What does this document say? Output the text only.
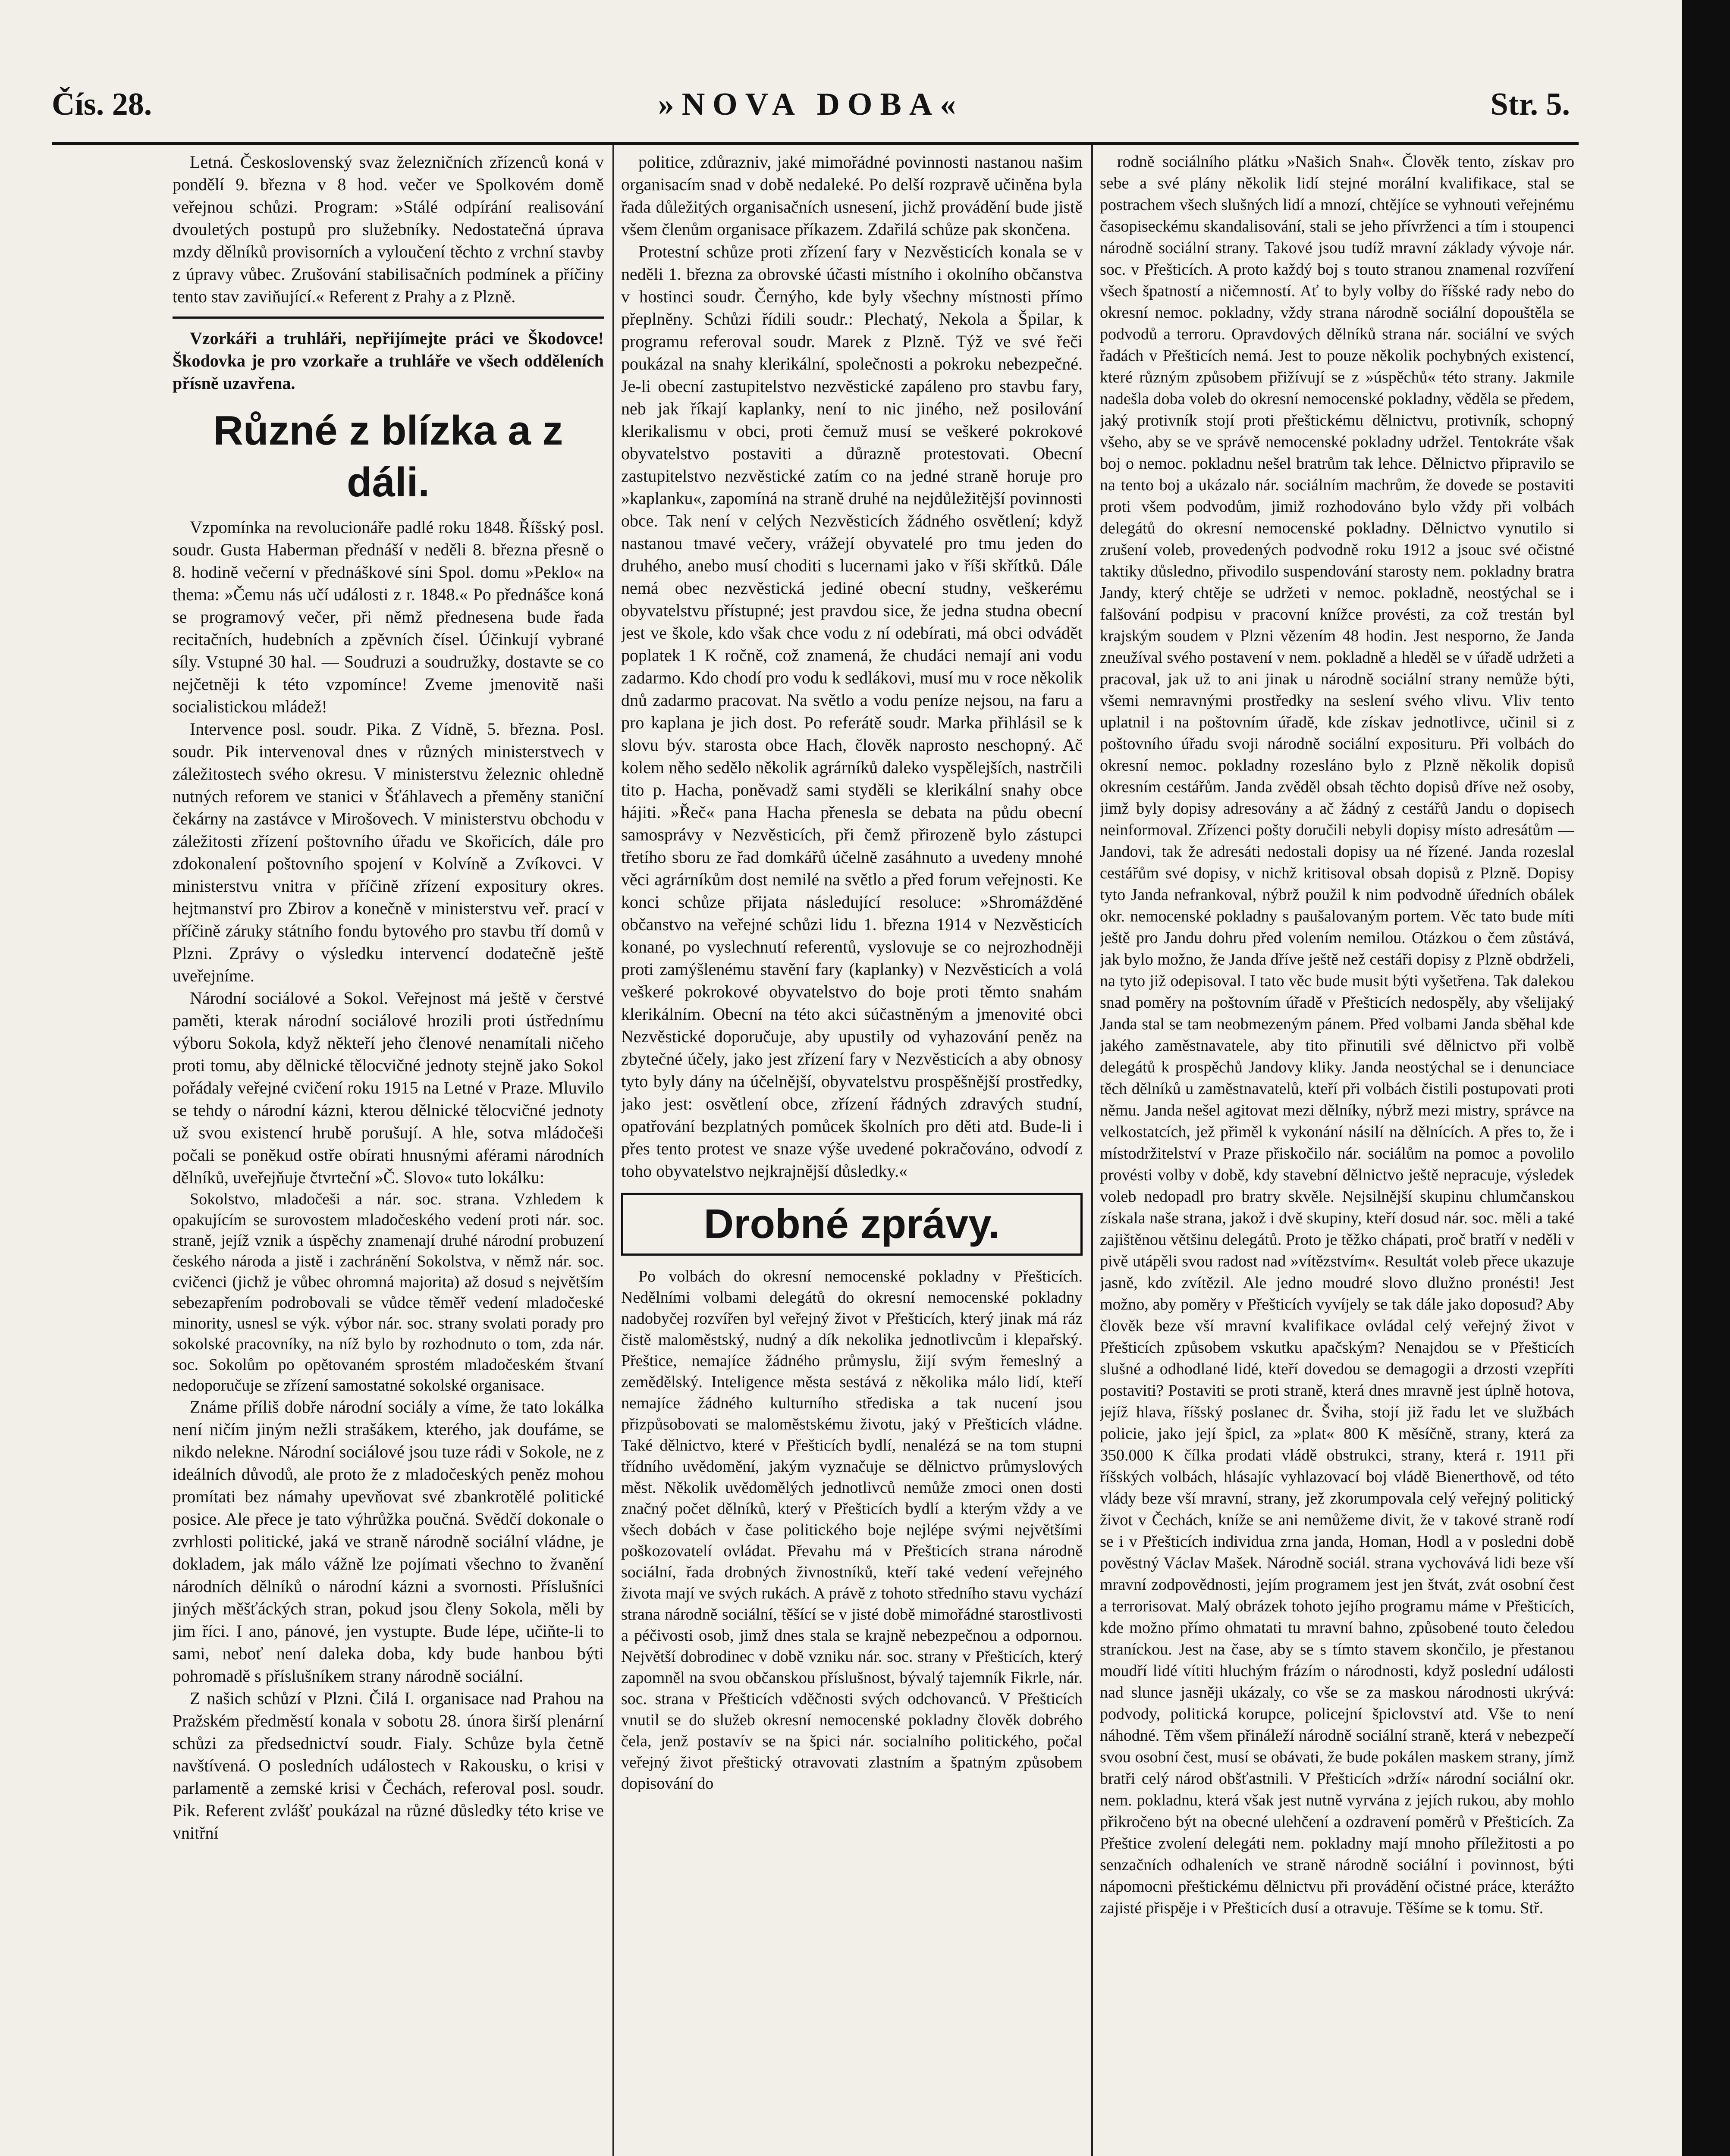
Čís. 28.	»NOVA DOBA«	Str. 5.

Letná. Československý svaz železničních zřízenců koná v pondělí 9. března v 8 hod. večer ve Spolkovém domě veřejnou schůzi. Program: »Stálé odpírání realisování dvouletých postupů pro služebníky. Nedostatečná úprava mzdy dělníků provisorních a vyloučení těchto z vrchní stavby z úpravy vůbec. Zrušování stabilisačních podmínek a příčiny tento stav zaviňující.« Referent z Prahy a z Plzně.

Vzorkáři a truhláři, nepřijímejte práci ve Škodovce! Škodovka je pro vzorkaře a truhláře ve všech odděleních přísně uzavřena.

Různé z blízka a z dáli.

Vzpomínka na revolucionáře padlé roku 1848. Říšský posl. soudr. Gusta Haberman přednáší v neděli 8. března přesně o 8. hodině večerní v přednáškové síni Spol. domu »Peklo« na thema: »Čemu nás učí události z r. 1848.« Po přednášce koná se programový večer, při němž přednesena bude řada recitačních, hudebních a zpěvních čísel. Účinkují vybrané síly. Vstupné 30 hal. — Soudruzi a soudružky, dostavte se co nejčetněji k této vzpomínce! Zveme jmenovitě naši socialistickou mládež!

Intervence posl. soudr. Pika. Z Vídně, 5. března. Posl. soudr. Pik intervenoval dnes v různých ministerstvech v záležitostech svého okresu. V ministerstvu železnic ohledně nutných reforem ve stanici v Šťáhlavech a přeměny staniční čekárny na zastávce v Mirošovech. V ministerstvu obchodu v záležitosti zřízení poštovního úřadu ve Skořicích, dále pro zdokonalení poštovního spojení v Kolvíně a Zvíkovci. V ministerstvu vnitra v příčině zřízení expositury okres. hejtmanství pro Zbirov a konečně v ministerstvu veř. prací v příčině záruky státního fondu bytového pro stavbu tří domů v Plzni. Zprávy o výsledku intervencí dodatečně ještě uveřejníme.

Národní sociálové a Sokol. Veřejnost má ještě v čerstvé paměti, kterak národní sociálové hrozili proti ústřednímu výboru Sokola, když někteří jeho členové nenamítali ničeho proti tomu, aby dělnické tělocvičné jednoty stejně jako Sokol pořádaly veřejné cvičení roku 1915 na Letné v Praze. Mluvilo se tehdy o národní kázni, kterou dělnické tělocvičné jednoty už svou existencí hrubě porušují. A hle, sotva mládočeši počali se poněkud ostře obírati hnusnými aférami národních dělníků, uveřejňuje čtvrteční »Č. Slovo« tuto lokálku:

Sokolstvo, mladočeši a nár. soc. strana. Vzhledem k opakujícím se surovostem mladočeského vedení proti nár. soc. straně, jejíž vznik a úspěchy znamenají druhé národní probuzení českého národa a jistě i zachránění Sokolstva, v němž nár. soc. cvičenci (jichž je vůbec ohromná majorita) až dosud s největším sebezapřením podrobovali se vůdce těměř vedení mladočeské minority, usnesl se výk. výbor nár. soc. strany svolati porady pro sokolské pracovníky, na níž bylo by rozhodnuto o tom, zda nár. soc. Sokolům po opětovaném sprostém mladočeském štvaní nedoporučuje se zřízení samostatné sokolské organisace.

Známe příliš dobře národní sociály a víme, že tato lokálka není ničím jiným nežli strašákem, kterého, jak doufáme, se nikdo nelekne. Národní sociálové jsou tuze rádi v Sokole, ne z ideálních důvodů, ale proto že z mladočeských peněz mohou promítati bez námahy upevňovat své zbankrotělé politické posice. Ale přece je tato výhrůžka poučná. Svědčí dokonale o zvrhlosti politické, jaká ve straně národně sociální vládne, je dokladem, jak málo vážně lze pojímati všechno to žvanění národních dělníků o národní kázni a svornosti. Příslušníci jiných měšťáckých stran, pokud jsou členy Sokola, měli by jim říci. I ano, pánové, jen vystupte. Bude lépe, učiňte-li to sami, neboť není daleka doba, kdy bude hanbou býti pohromadě s příslušníkem strany národně sociální.

Z našich schůzí v Plzni. Čilá I. organisace nad Prahou na Pražském předměstí konala v sobotu 28. února širší plenární schůzi za předsednictví soudr. Fialy. Schůze byla četně navštívená. O posledních událostech v Rakousku, o krisi v parlamentě a zemské krisi v Čechách, referoval posl. soudr. Pik. Referent zvlášť poukázal na různé důsledky této krise ve vnitřní

politice, zdůrazniv, jaké mimořádné povinnosti nastanou našim organisacím snad v době nedaleké. Po delší rozpravě učiněna byla řada důležitých organisačních usnesení, jichž provádění bude jistě všem členům organisace příkazem. Zdařilá schůze pak skončena.

Protestní schůze proti zřízení fary v Nezvěsticích konala se v neděli 1. března za obrovské účasti místního i okolního občanstva v hostinci soudr. Černýho, kde byly všechny místnosti přímo přeplněny. Schůzi řídili soudr.: Plechatý, Nekola a Špilar, k programu referoval soudr. Marek z Plzně. Týž ve své řeči poukázal na snahy klerikální, společnosti a pokroku nebezpečné. Je-li obecní zastupitelstvo nezvěstické zapáleno pro stavbu fary, neb jak říkají kaplanky, není to nic jiného, než posilování klerikalismu v obci, proti čemuž musí se veškeré pokrokové obyvatelstvo postaviti a důrazně protestovati. Obecní zastupitelstvo nezvěstické zatím co na jedné straně horuje pro »kaplanku«, zapomíná na straně druhé na nejdůležitější povinnosti obce. Tak není v celých Nezvěsticích žádného osvětlení; když nastanou tmavé večery, vrážejí obyvatelé pro tmu jeden do druhého, anebo musí choditi s lucernami jako v říši skřítků. Dále nemá obec nezvěstická jediné obecní studny, veškerému obyvatelstvu přístupné; jest pravdou sice, že jedna studna obecní jest ve škole, kdo však chce vodu z ní odebírati, má obci odvádět poplatek 1 K ročně, což znamená, že chudáci nemají ani vodu zadarmo. Kdo chodí pro vodu k sedlákovi, musí mu v roce několik dnů zadarmo pracovat. Na světlo a vodu peníze nejsou, na faru a pro kaplana je jich dost. Po referátě soudr. Marka přihlásil se k slovu býv. starosta obce Hach, člověk naprosto neschopný. Ač kolem něho sedělo několik agrárníků daleko vyspělejších, nastrčili tito p. Hacha, poněvadž sami styděli se klerikální snahy obce hájiti. »Řeč« pana Hacha přenesla se debata na půdu obecní samosprávy v Nezvěsticích, při čemž přirozeně bylo zástupci třetího sboru ze řad domkářů účelně zasáhnuto a uvedeny mnohé věci agrárníkům dost nemilé na světlo a před forum veřejnosti. Ke konci schůze přijata následující resoluce: »Shromážděné občanstvo na veřejné schůzi lidu 1. března 1914 v Nezvěsticích konané, po vyslechnutí referentů, vyslovuje se co nejrozhodněji proti zamýšlenému stavění fary (kaplanky) v Nezvěsticích a volá veškeré pokrokové obyvatelstvo do boje proti těmto snahám klerikálním. Obecní na této akci súčastněným a jmenovité obci Nezvěstické doporučuje, aby upustily od vyhazování peněz na zbytečné účely, jako jest zřízení fary v Nezvěsticích a aby obnosy tyto byly dány na účelnější, obyvatelstvu prospěšnější prostředky, jako jest: osvětlení obce, zřízení řádných zdravých studní, opatřování bezplatných pomůcek školních pro děti atd. Bude-li i přes tento protest ve snaze výše uvedené pokračováno, odvodí z toho obyvatelstvo nejkrajnější důsledky.«

Drobné zprávy.

Po volbách do okresní nemocenské pokladny v Přešticích. Nedělními volbami delegátů do okresní nemocenské pokladny nadobyčej rozvířen byl veřejný život v Přešticích, který jinak má ráz čistě maloměstský, nudný a dík nekolika jednotlivcům i klepařský. Přeštice, nemajíce žádného průmyslu, žijí svým řemeslný a zemědělský. Inteligence města sestává z několika málo lidí, kteří nemajíce žádného kulturního střediska a tak nucení jsou přizpůsobovati se maloměstskému životu, jaký v Přešticích vládne. Také dělnictvo, které v Přešticích bydlí, nenalézá se na tom stupni třídního uvědomění, jakým vyznačuje se dělnictvo průmyslových měst. Několik uvědomělých jednotlivců nemůže zmoci onen dosti značný počet dělníků, který v Přešticích bydlí a kterým vždy a ve všech dobách v čase politického boje nejlépe svými největšími poškozovatelí ovládat. Převahu má v Přešticích strana národně sociální, řada drobných živnostníků, kteří také vedení veřejného života mají ve svých rukách. A právě z tohoto středního stavu vychází strana národně sociální, těšící se v jisté době mimořádné starostlivosti a péčivosti osob, jimž dnes stala se krajně nebezpečnou a odpornou. Největší dobrodinec v době vzniku nár. soc. strany v Přešticích, který zapomněl na svou občanskou příslušnost, bývalý tajemník Fikrle, nár. soc. strana v Přešticích vděčnosti svých odchovanců. V Přešticích vnutil se do služeb okresní nemocenské pokladny člověk dobrého čela, jenž postavív se na špici nár. socialního politického, počal veřejný život přeštický otravovati zlastním a špatným způsobem dopisování do

rodně sociálního plátku »Našich Snah«. Člověk tento, získav pro sebe a své plány několik lidí stejné morální kvalifikace, stal se postrachem všech slušných lidí a mnozí, chtějíce se vyhnouti veřejnému časopiseckému skandalisování, stali se jeho přívrženci a tím i stoupenci národně sociální strany. Takové jsou tudíž mravní základy vývoje nár. soc. v Přešticích. A proto každý boj s touto stranou znamenal rozvíření všech špatností a ničemností. Ať to byly volby do říšské rady nebo do okresní nemoc. pokladny, vždy strana národně sociální dopouštěla se podvodů a terroru. Opravdových dělníků strana nár. sociální ve svých řadách v Přešticích nemá. Jest to pouze několik pochybných existencí, které různým způsobem přižívují se z »úspěchů« této strany. Jakmile nadešla doba voleb do okresní nemocenské pokladny, věděla se předem, jaký protivník stojí proti přeštickému dělnictvu, protivník, schopný všeho, aby se ve správě nemocenské pokladny udržel. Tentokráte však boj o nemoc. pokladnu nešel bratrům tak lehce. Dělnictvo připravilo se na tento boj a ukázalo nár. sociálním machrům, že dovede se postaviti proti všem podvodům, jimiž rozhodováno bylo vždy při volbách delegátů do okresní nemocenské pokladny. Dělnictvo vynutilo si zrušení voleb, provedených podvodně roku 1912 a jsouc své očistné taktiky důsledno, přivodilo suspendování starosty nem. pokladny bratra Jandy, který chtěje se udržeti v nemoc. pokladně, neostýchal se i falšování podpisu v pracovní knížce provésti, za což trestán byl krajským soudem v Plzni vězením 48 hodin. Jest nesporno, že Janda zneužíval svého postavení v nem. pokladně a hleděl se v úřadě udržeti a pracoval, jak už to ani jinak u národně sociální strany nemůže býti, všemi nemravnými prostředky na seslení svého vlivu. Vliv tento uplatnil i na poštovním úřadě, kde získav jednotlivce, učinil si z poštovního úřadu svoji národně sociální exposituru. Při volbách do okresní nemoc. pokladny rozesláno bylo z Plzně několik dopisů okresním cestářům. Janda zvěděl obsah těchto dopisů dříve než osoby, jimž byly dopisy adresovány a ač žádný z cestářů Jandu o dopisech neinformoval. Zřízenci pošty doručili nebyli dopisy místo adresátům — Jandovi, tak že adresáti nedostali dopisy ua né řízené. Janda rozeslal cestářům své dopisy, v nichž kritisoval obsah dopisů z Plzně. Dopisy tyto Janda nefrankoval, nýbrž použil k nim podvodně úředních obálek okr. nemocenské pokladny s paušalovaným portem. Věc tato bude míti ještě pro Jandu dohru před volením nemilou. Otázkou o čem zůstává, jak bylo možno, že Janda dříve ještě než cestáři dopisy z Plzně obdrželi, na tyto již odepisoval. I tato věc bude musit býti vyšetřena. Tak dalekou snad poměry na poštovním úřadě v Přešticích nedospěly, aby všelijaký Janda stal se tam neobmezeným pánem. Před volbami Janda sběhal kde jakého zaměstnavatele, aby tito přinutili své dělnictvo při volbě delegátů k prospěchů Jandovy kliky. Janda neostýchal se i denunciace těch dělníků u zaměstnavatelů, kteří při volbách čistili postupovati proti němu. Janda nešel agitovat mezi dělníky, nýbrž mezi mistry, správce na velkostatcích, jež přiměl k vykonání násilí na dělnících. A přes to, že i místodržitelství v Praze přiskočilo nár. sociálům na pomoc a povolilo provésti volby v době, kdy stavební dělnictvo ještě nepracuje, výsledek voleb nedopadl pro bratry skvěle. Nejsilnější skupinu chlumčanskou získala naše strana, jakož i dvě skupiny, kteří dosud nár. soc. měli a také zajištěnou většinu delegátů. Proto je těžko chápati, proč bratří v neděli v pivě utápěli svou radost nad »vítězstvím«. Resultát voleb přece ukazuje jasně, kdo zvítězil. Ale jedno moudré slovo dlužno pronésti! Jest možno, aby poměry v Přešticích vyvíjely se tak dále jako doposud? Aby člověk beze vší mravní kvalifikace ovládal celý veřejný život v Přešticích způsobem vskutku apačským? Nenajdou se v Přešticích slušné a odhodlané lidé, kteří dovedou se demagogii a drzosti vzepříti postaviti? Postaviti se proti straně, která dnes mravně jest úplně hotova, jejíž hlava, říšský poslanec dr. Šviha, stojí již řadu let ve službách policie, jako její špicl, za »plat« 800 K měsíčně, strany, která za 350.000 K čílka prodati vládě obstrukci, strany, která r. 1911 při říšských volbách, hlásajíc vyhlazovací boj vládě Bienerthově, od této vlády beze vší mravní, strany, jež zkorumpovala celý veřejný politický život v Čechách, kníže se ani nemůžeme divit, že v takové straně rodí se i v Přešticích individua zrna janda, Homan, Hodl a v posledni době pověstný Václav Mašek. Národně sociál. strana vychovává lidi beze vší mravní zodpovědnosti, jejím programem jest jen štvát, zvát osobní čest a terrorisovat. Malý obrázek tohoto jejího programu máme v Přešticích, kde možno přímo ohmatati tu mravní bahno, způsobené touto čeledou straníckou. Jest na čase, aby se s tímto stavem skončilo, je přestanou moudří lidé vítiti hluchým frázím o národnosti, když poslední události nad slunce jasněji ukázaly, co vše se za maskou národnosti ukrývá: podvody, politická korupce, policejní špiclovství atd. Vše to není náhodné. Těm všem přináleží národně sociální straně, která v nebezpečí svou osobní čest, musí se obávati, že bude pokálen maskem strany, jímž bratři celý národ obšťastnili. V Přešticích »drží« národní sociální okr. nem. pokladnu, která však jest nutně vyrvána z jejích rukou, aby mohlo přikročeno být na obecné ulehčení a ozdravení poměrů v Přešticích. Za Přeštice zvolení delegáti nem. pokladny mají mnoho příležitosti a po senzačních odhaleních ve straně národně sociální i povinnost, býti nápomocni přeštickému dělnictvu při provádění očistné práce, kterážto zajisté přispěje i v Přešticích dusí a otravuje. Těšíme se k tomu. Stř.
